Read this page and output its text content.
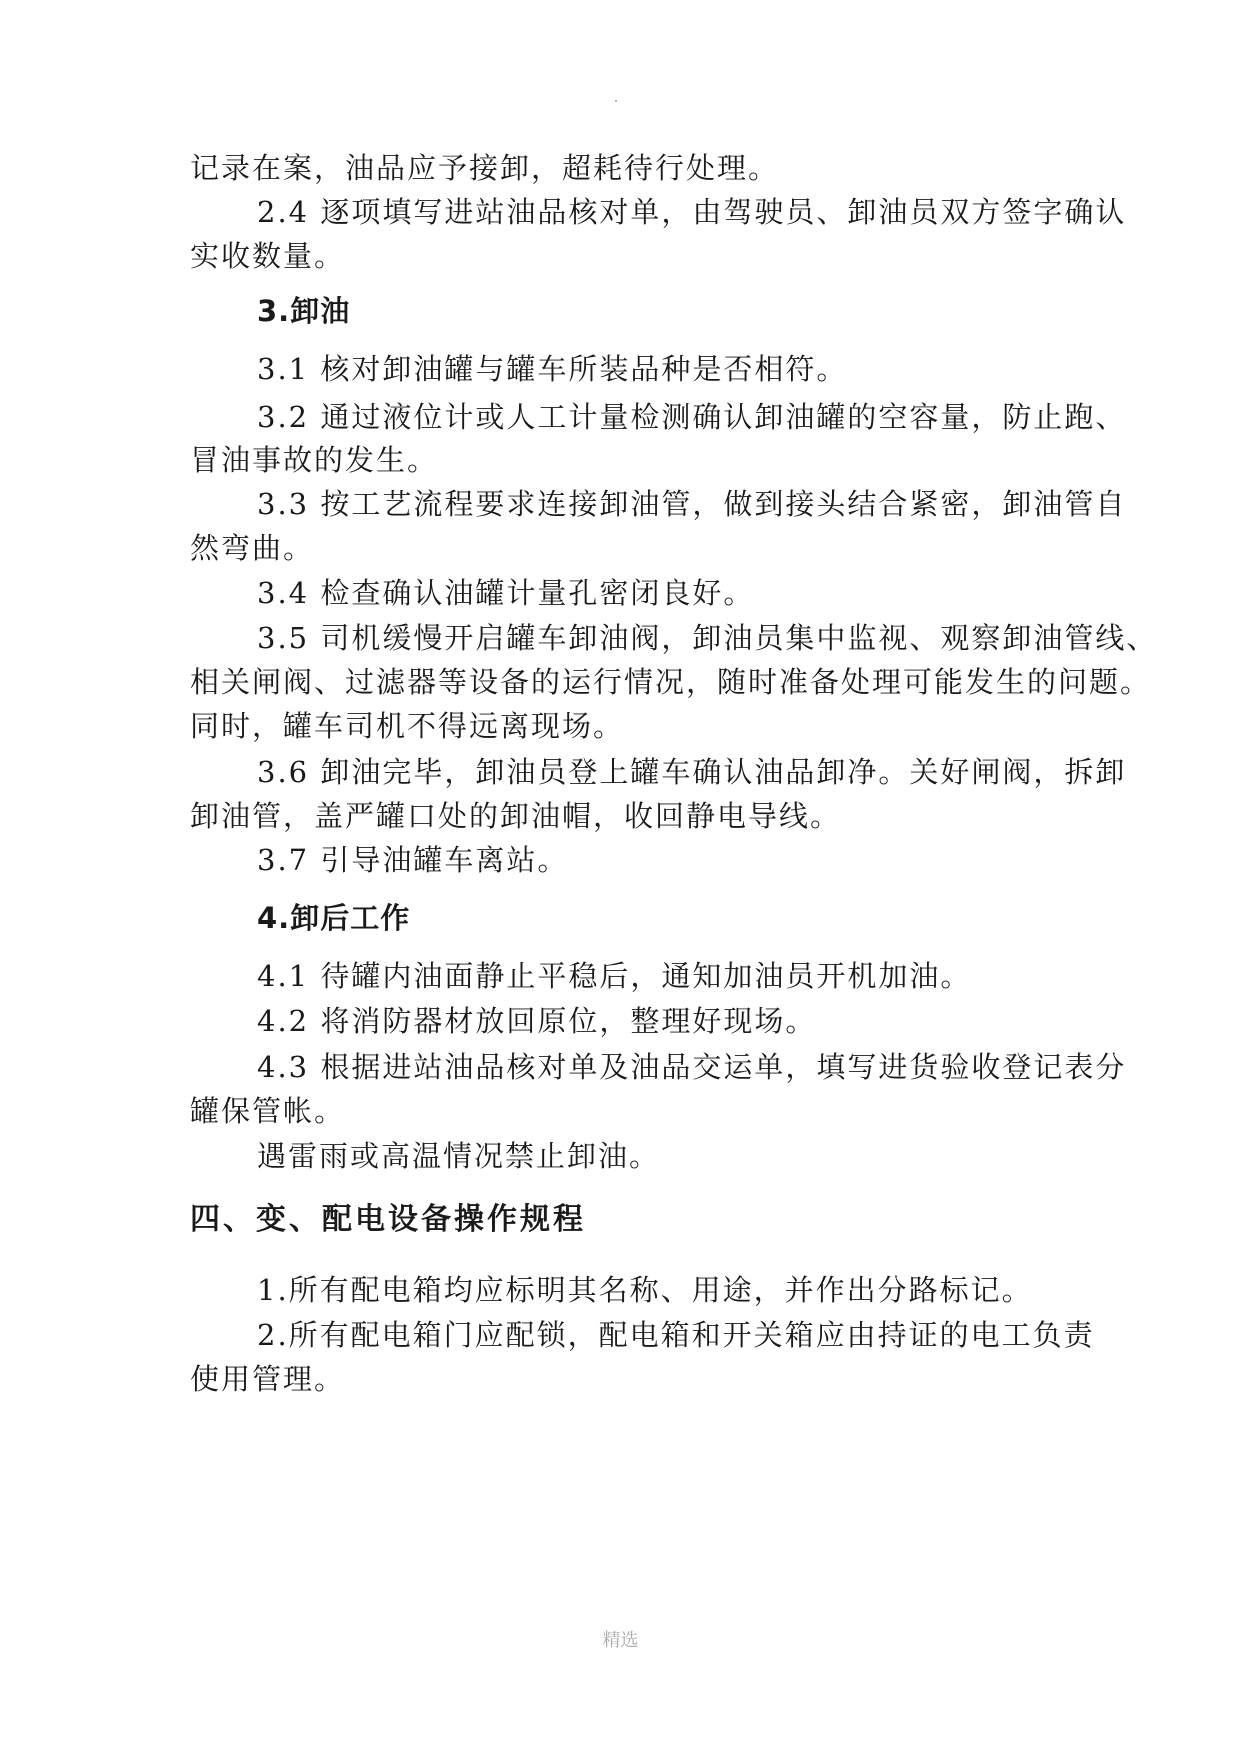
记录在案，油品应予接卸，超耗待行处理。
2.4 逐项填写进站油品核对单，由驾驶员、卸油员双方签字确认
实收数量。
3.卸油
3.1 核对卸油罐与罐车所装品种是否相符。
3.2 通过液位计或人工计量检测确认卸油罐的空容量，防止跑、
冒油事故的发生。
3.3 按工艺流程要求连接卸油管，做到接头结合紧密，卸油管自
然弯曲。
3.4 检查确认油罐计量孔密闭良好。
3.5 司机缓慢开启罐车卸油阀，卸油员集中监视、观察卸油管线、
相关闸阀、过滤器等设备的运行情况，随时准备处理可能发生的问题。
同时，罐车司机不得远离现场。
3.6 卸油完毕，卸油员登上罐车确认油品卸净。关好闸阀，拆卸
卸油管，盖严罐口处的卸油帽，收回静电导线。
3.7 引导油罐车离站。
4.卸后工作
4.1 待罐内油面静止平稳后，通知加油员开机加油。
4.2 将消防器材放回原位，整理好现场。
4.3 根据进站油品核对单及油品交运单，填写进货验收登记表分
罐保管帐。
遇雷雨或高温情况禁止卸油。
四、变、配电设备操作规程
1.所有配电箱均应标明其名称、用途，并作出分路标记。
2.所有配电箱门应配锁，配电箱和开关箱应由持证的电工负责
使用管理。
精选
